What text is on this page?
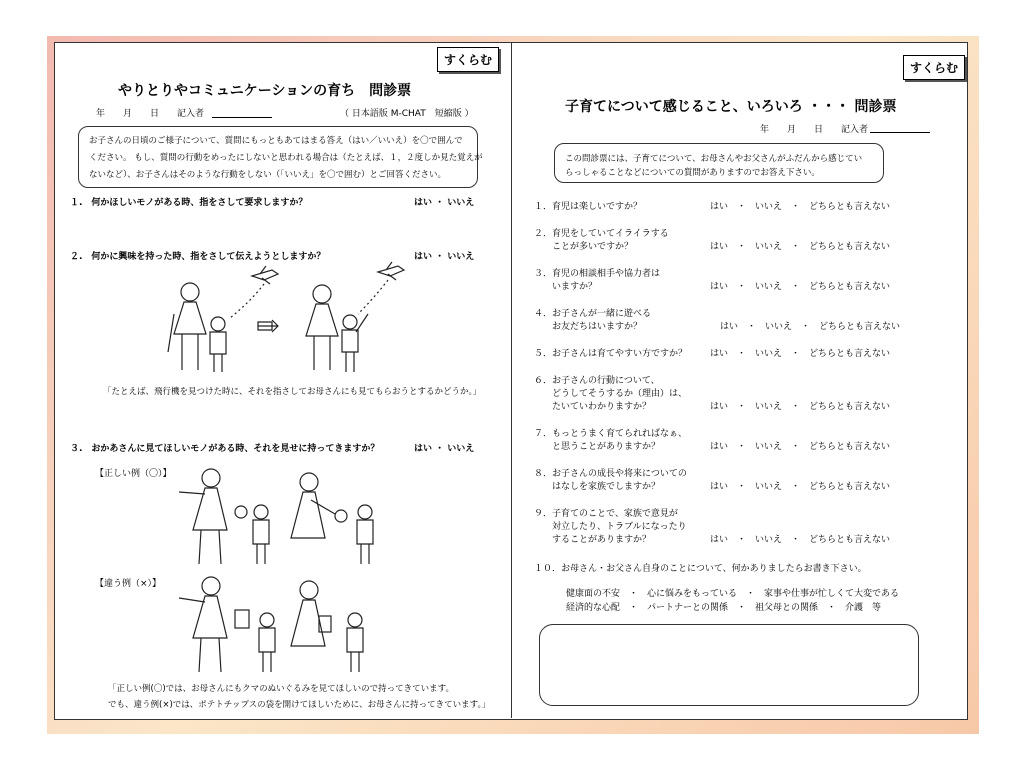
すくらむ
やりとりやコミュニケーションの育ち　問診票
年　　月　　日　　記入者	（ 日本語版 M-CHAT　短縮版 ）
お子さんの日頃のご様子について、質問にもっともあてはまる答え（はい／いいえ）を〇で囲んで
ください。 もし、質問の行動をめったにしないと思われる場合は（たとえば、１，２度しか見た覚えが
ないなど）、お子さんはそのような行動をしない（「いいえ」を〇で囲む）とご回答ください。
１.　何かほしいモノがある時、指をさして要求しますか？	はい ・ いいえ
２.　何かに興味を持った時、指をさして伝えようとしますか？	はい ・ いいえ
「たとえば、飛行機を見つけた時に、それを指さしてお母さんにも見てもらおうとするかどうか。」
３.　おかあさんに見てほしいモノがある時、それを見せに持ってきますか？	はい ・ いいえ
【正しい例（〇）】
【違う例（×）】
「正しい例(〇)では、お母さんにもクマのぬいぐるみを見てほしいので持ってきています。
でも、違う例(×)では、ポテトチップスの袋を開けてほしいために、お母さんに持ってきています。」
すくらむ
子育てについて感じること、いろいろ ・・・ 問診票
年　　月　　日　　記入者
この問診票には、子育てについて、お母さんやお父さんがふだんから感じてい
らっしゃることなどについての質問がありますのでお答え下さい。
１．育児は楽しいですか？	はい　・　いいえ　・　どちらとも言えない
２．育児をしていてイライラする
　　ことが多いですか？	はい　・　いいえ　・　どちらとも言えない
３．育児の相談相手や協力者は
　　いますか？	はい　・　いいえ　・　どちらとも言えない
４．お子さんが一緒に遊べる
　　お友だちはいますか？	はい　・　いいえ　・　どちらとも言えない
５．お子さんは育てやすい方ですか？	はい　・　いいえ　・　どちらとも言えない
６．お子さんの行動について、
　　どうしてそうするか（理由）は、
　　たいていわかりますか？	はい　・　いいえ　・　どちらとも言えない
７．もっとうまく育てられればなぁ、
　　と思うことがありますか？	はい　・　いいえ　・　どちらとも言えない
８．お子さんの成長や将来についての
　　はなしを家族でしますか？	はい　・　いいえ　・　どちらとも言えない
９．子育てのことで、家族で意見が
　　対立したり、トラブルになったり
　　することがありますか？	はい　・　いいえ　・　どちらとも言えない
１０．お母さん・お父さん自身のことについて、何かありましたらお書き下さい。
健康面の不安　・　心に悩みをもっている　・　家事や仕事が忙しくて大変である
経済的な心配　・　パートナーとの関係　・　祖父母との関係　・　介護　等
